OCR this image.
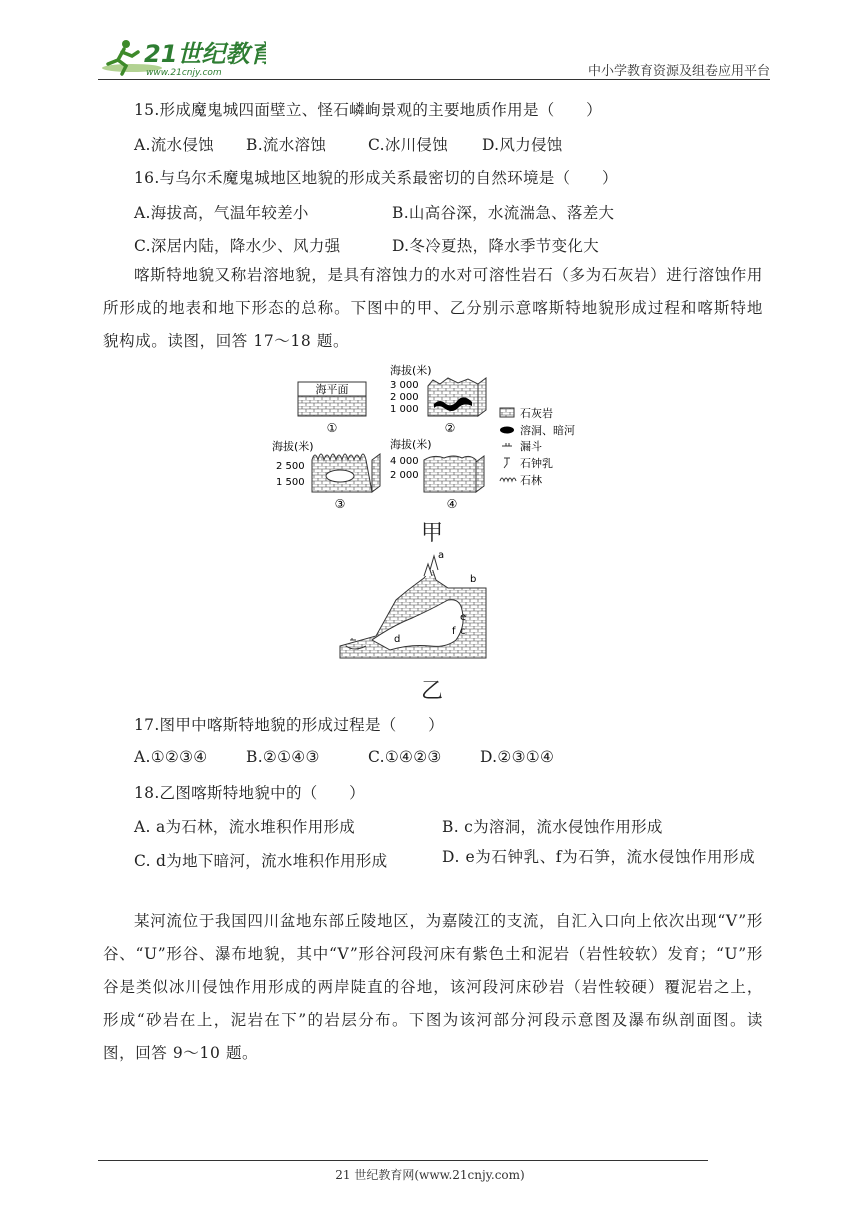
21世纪教育
www.21cnjy.com	中小学教育资源及组卷应用平台
15.形成魔鬼城四面壁立、怪石嶙峋景观的主要地质作用是（　　）
A.流水侵蚀	B.流水溶蚀	C.冰川侵蚀	D.风力侵蚀
16.与乌尔禾魔鬼城地区地貌的形成关系最密切的自然环境是（　　）
A.海拔高，气温年较差小	B.山高谷深，水流湍急、落差大
C.深居内陆，降水少、风力强	D.冬冷夏热，降水季节变化大
喀斯特地貌又称岩溶地貌，是具有溶蚀力的水对可溶性岩石（多为石灰岩）进行溶蚀作用所形成的地表和地下形态的总称。下图中的甲、乙分别示意喀斯特地貌形成过程和喀斯特地貌构成。读图，回答 17～18 题。
海平面
①
海拔(米)
3 000
2 000
1 000
②
海拔(米)
2 500
1 500
③
海拔(米)
4 000
2 000
④
石灰岩
溶洞、暗河
漏斗
石钟乳
石林
甲
a
b
c
d
e
f
乙
17.图甲中喀斯特地貌的形成过程是（　　）
A.①②③④	B.②①④③	C.①④②③	D.②③①④
18.乙图喀斯特地貌中的（　　）
A. a为石林，流水堆积作用形成	B. c为溶洞，流水侵蚀作用形成
C. d为地下暗河，流水堆积作用形成	D. e为石钟乳、f为石笋，流水侵蚀作用形成
某河流位于我国四川盆地东部丘陵地区，为嘉陵江的支流，自汇入口向上依次出现“V”形谷、“U”形谷、瀑布地貌，其中“V”形谷河段河床有紫色土和泥岩（岩性较软）发育；“U”形谷是类似冰川侵蚀作用形成的两岸陡直的谷地，该河段河床砂岩（岩性较硬）覆泥岩之上，形成“砂岩在上，泥岩在下”的岩层分布。下图为该河部分河段示意图及瀑布纵剖面图。读图，回答 9～10 题。
21 世纪教育网(www.21cnjy.com)
